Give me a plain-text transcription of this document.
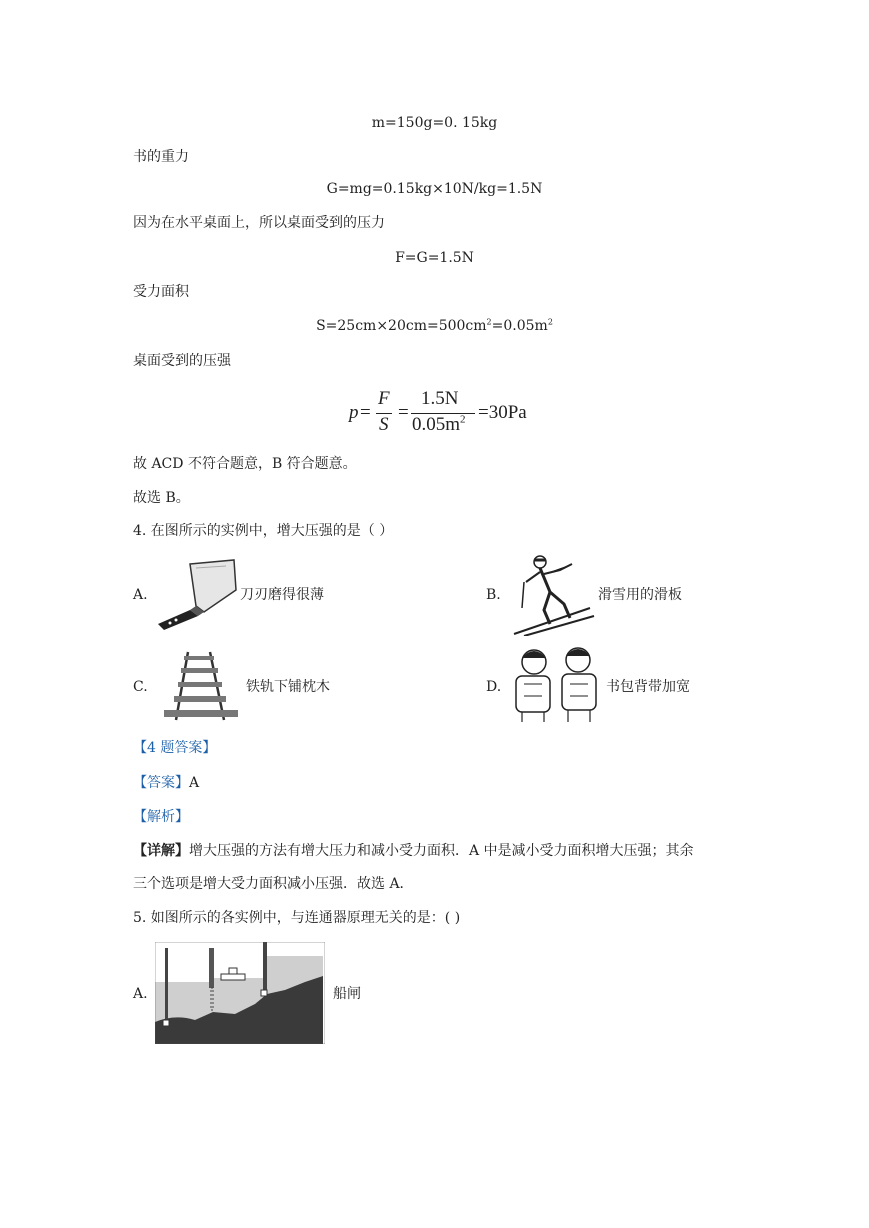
m=150g=0. 15kg
书的重力
G=mg=0.15kg×10N/kg=1.5N
因为在水平桌面上，所以桌面受到的压力
F=G=1.5N
受力面积
$S=25cm\times 20cm=500cm^2=0.05m^2$
桌面受到的压强
p =
F
S
=
1.5N
$0.05m^2 =30Pa$
故 ACD 不符合题意，B 符合题意。
故选 B。
4. 在图所示的实例中，增大压强的是（ ）
A.	刀刃磨得很薄	B.	滑雪用的滑板
C.	铁轨下铺枕木	D.	书包背带加宽
【4 题答案】
【答案】A
【解析】
【详解】增大压强的方法有增大压力和减小受力面积．A 中是减小受力面积增大压强；其余
三个选项是增大受力面积减小压强．故选 A．
5. 如图所示的各实例中，与连通器原理无关的是：( )
A.	船闸
